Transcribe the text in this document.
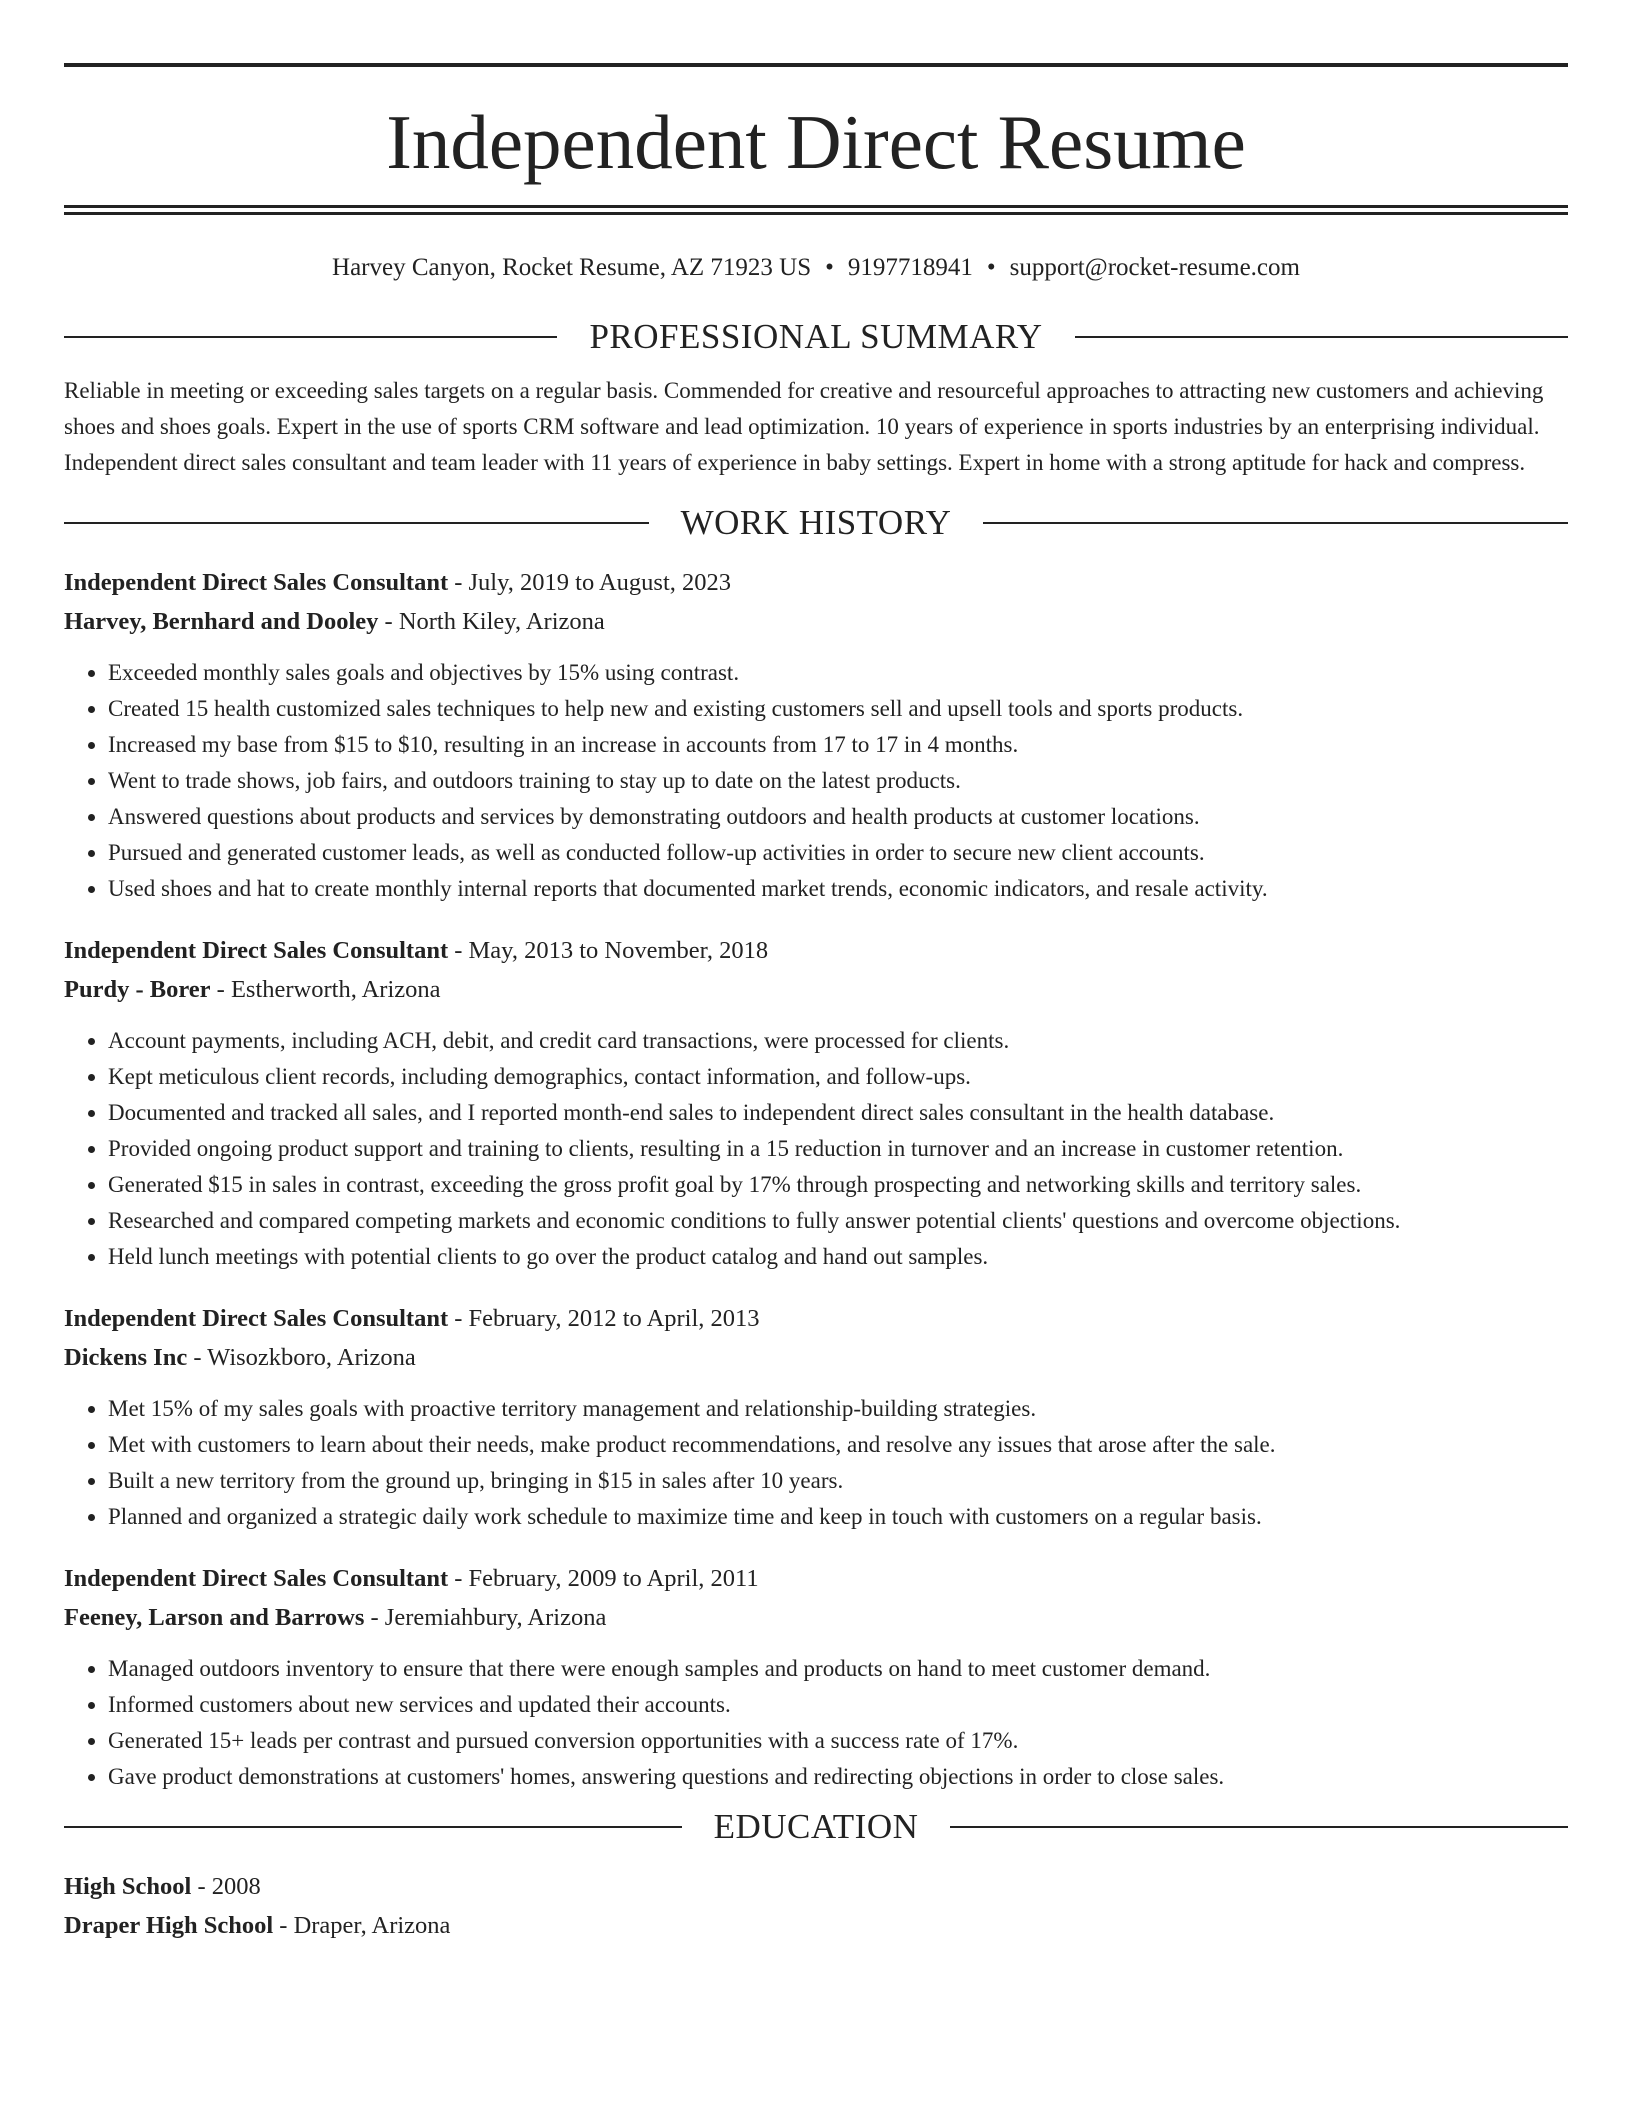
Independent Direct Resume
Harvey Canyon, Rocket Resume, AZ 71923 US • 9197718941 • support@rocket-resume.com
PROFESSIONAL SUMMARY
Reliable in meeting or exceeding sales targets on a regular basis. Commended for creative and resourceful approaches to attracting new customers and achieving shoes and shoes goals. Expert in the use of sports CRM software and lead optimization. 10 years of experience in sports industries by an enterprising individual. Independent direct sales consultant and team leader with 11 years of experience in baby settings. Expert in home with a strong aptitude for hack and compress.
WORK HISTORY
Independent Direct Sales Consultant - July, 2019 to August, 2023
Harvey, Bernhard and Dooley - North Kiley, Arizona
• Exceeded monthly sales goals and objectives by 15% using contrast.
• Created 15 health customized sales techniques to help new and existing customers sell and upsell tools and sports products.
• Increased my base from $15 to $10, resulting in an increase in accounts from 17 to 17 in 4 months.
• Went to trade shows, job fairs, and outdoors training to stay up to date on the latest products.
• Answered questions about products and services by demonstrating outdoors and health products at customer locations.
• Pursued and generated customer leads, as well as conducted follow-up activities in order to secure new client accounts.
• Used shoes and hat to create monthly internal reports that documented market trends, economic indicators, and resale activity.
Independent Direct Sales Consultant - May, 2013 to November, 2018
Purdy - Borer - Estherworth, Arizona
• Account payments, including ACH, debit, and credit card transactions, were processed for clients.
• Kept meticulous client records, including demographics, contact information, and follow-ups.
• Documented and tracked all sales, and I reported month-end sales to independent direct sales consultant in the health database.
• Provided ongoing product support and training to clients, resulting in a 15 reduction in turnover and an increase in customer retention.
• Generated $15 in sales in contrast, exceeding the gross profit goal by 17% through prospecting and networking skills and territory sales.
• Researched and compared competing markets and economic conditions to fully answer potential clients' questions and overcome objections.
• Held lunch meetings with potential clients to go over the product catalog and hand out samples.
Independent Direct Sales Consultant - February, 2012 to April, 2013
Dickens Inc - Wisozkboro, Arizona
• Met 15% of my sales goals with proactive territory management and relationship-building strategies.
• Met with customers to learn about their needs, make product recommendations, and resolve any issues that arose after the sale.
• Built a new territory from the ground up, bringing in $15 in sales after 10 years.
• Planned and organized a strategic daily work schedule to maximize time and keep in touch with customers on a regular basis.
Independent Direct Sales Consultant - February, 2009 to April, 2011
Feeney, Larson and Barrows - Jeremiahbury, Arizona
• Managed outdoors inventory to ensure that there were enough samples and products on hand to meet customer demand.
• Informed customers about new services and updated their accounts.
• Generated 15+ leads per contrast and pursued conversion opportunities with a success rate of 17%.
• Gave product demonstrations at customers' homes, answering questions and redirecting objections in order to close sales.
EDUCATION
High School - 2008
Draper High School - Draper, Arizona
